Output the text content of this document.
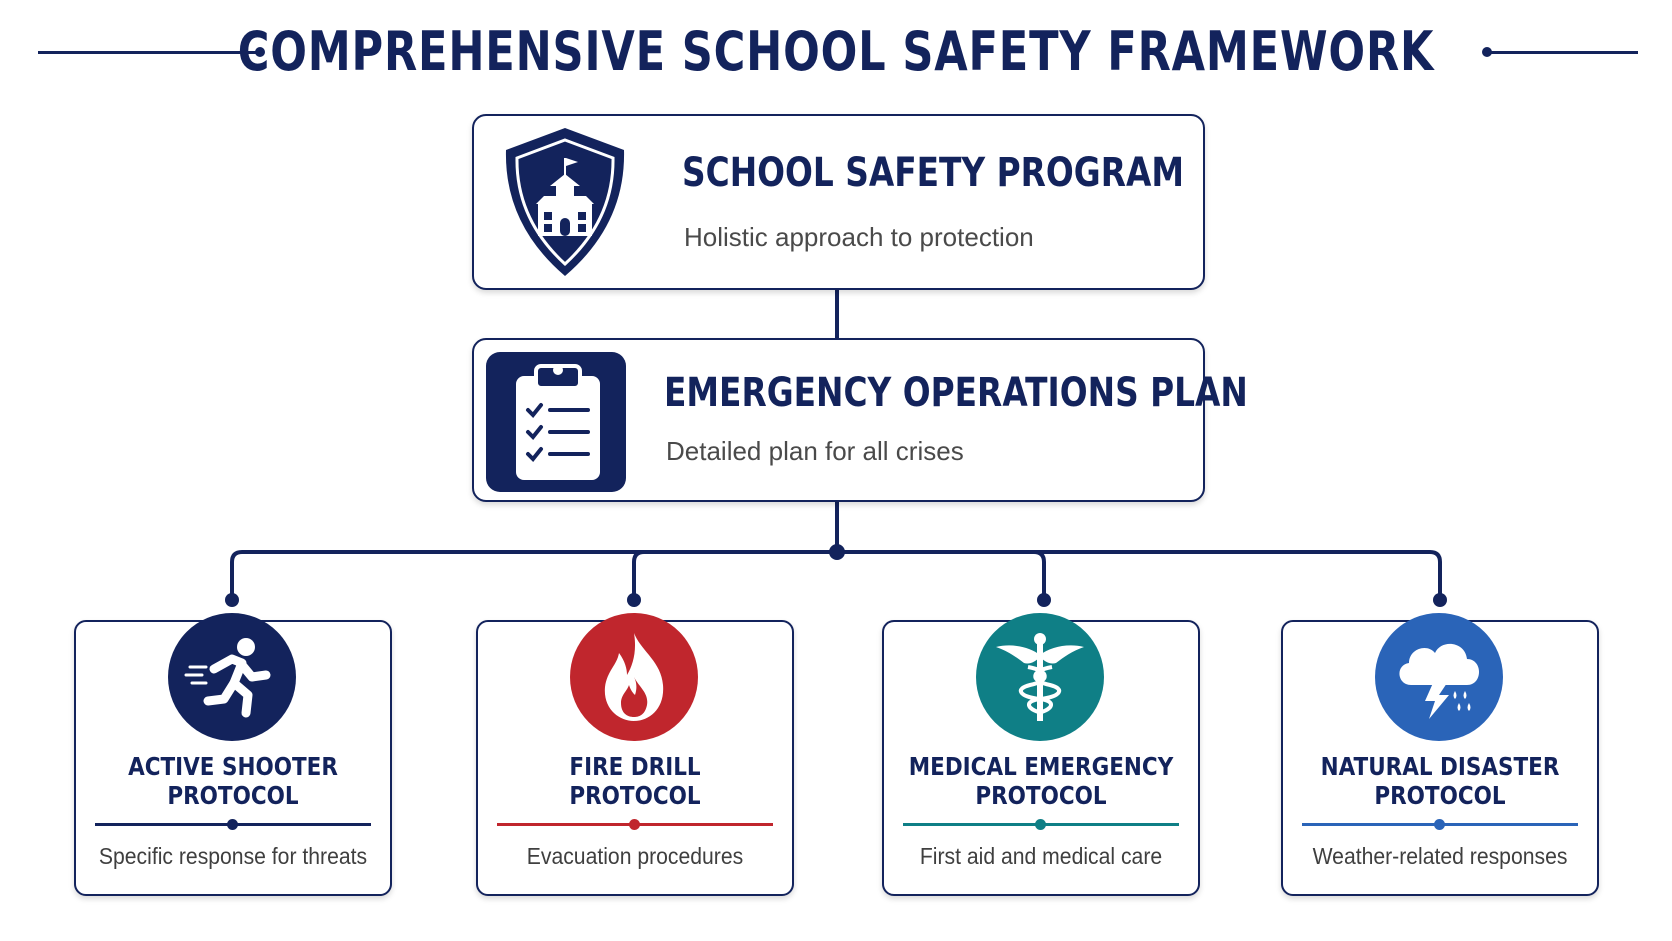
COMPREHENSIVE SCHOOL SAFETY FRAMEWORK
SCHOOL SAFETY PROGRAM
Holistic approach to protection
EMERGENCY OPERATIONS PLAN
Detailed plan for all crises
ACTIVE SHOOTER
PROTOCOL
FIRE DRILL
PROTOCOL
MEDICAL EMERGENCY
PROTOCOL
NATURAL DISASTER
PROTOCOL
Specific response for threats	Evacuation procedures	First aid and medical care	Weather-related responses
